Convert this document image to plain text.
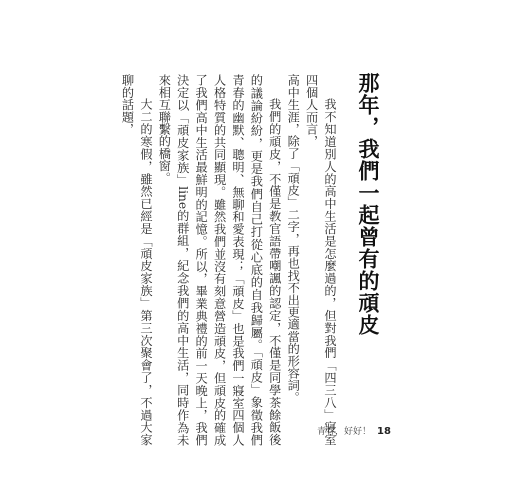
那年，我們一起曾有的頑皮

我不知道別人的高中生活是怎麼過的，但對我們「四三八」寢室四個人而言，

高中生涯，除了「頑皮」二字，再也找不出更適當的形容詞。

我們的頑皮，不僅是教官語帶嘲諷的認定，不僅是同學茶餘飯後的議論紛紛，更是我們自己打從心底的自我歸屬。「頑皮」象徵我們青春的幽默、聰明、無聊和愛表現；「頑皮」也是我們一寢室四個人人格特質的共同顯現。雖然我們並沒有刻意營造頑皮，但頑皮的確成了我們高中生活最鮮明的記憶。所以，畢業典禮的前一天晚上，我們決定以「頑皮家族」line的群組，紀念我們的高中生活，同時作為未來相互聯繫的橋窗。

大二的寒假，雖然已經是「頑皮家族」第三次聚會了，不過大家聊的話題，

青春，好好！ 18
